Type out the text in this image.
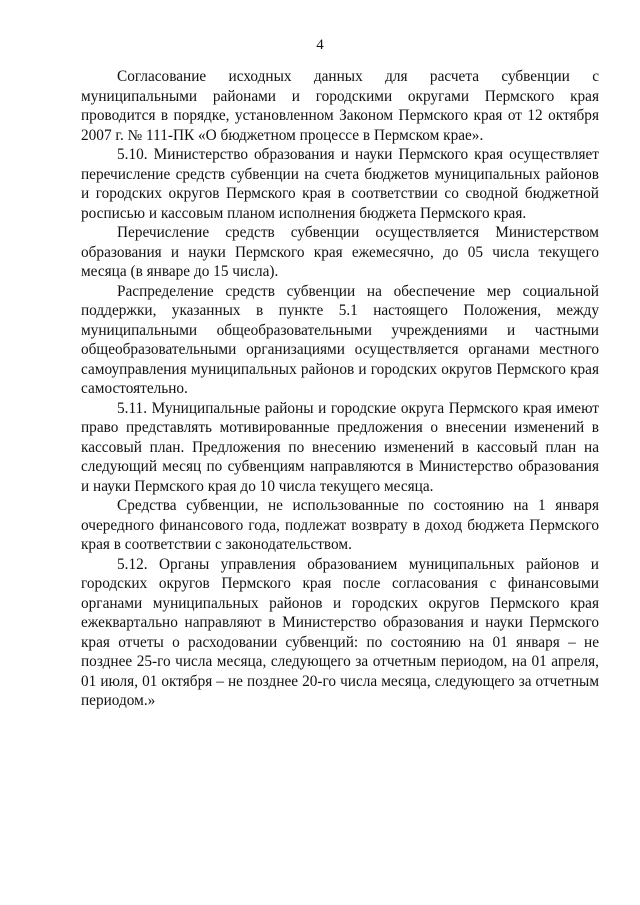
4

Согласование исходных данных для расчета субвенции с муниципальными районами и городскими округами Пермского края проводится в порядке, установленном Законом Пермского края от 12 октября 2007 г. № 111-ПК «О бюджетном процессе в Пермском крае».

5.10. Министерство образования и науки Пермского края осуществляет перечисление средств субвенции на счета бюджетов муниципальных районов и городских округов Пермского края в соответствии со сводной бюджетной росписью и кассовым планом исполнения бюджета Пермского края.

Перечисление средств субвенции осуществляется Министерством образования и науки Пермского края ежемесячно, до 05 числа текущего месяца (в январе до 15 числа).

Распределение средств субвенции на обеспечение мер социальной поддержки, указанных в пункте 5.1 настоящего Положения, между муниципальными общеобразовательными учреждениями и частными общеобразовательными организациями осуществляется органами местного самоуправления муниципальных районов и городских округов Пермского края самостоятельно.

5.11. Муниципальные районы и городские округа Пермского края имеют право представлять мотивированные предложения о внесении изменений в кассовый план. Предложения по внесению изменений в кассовый план на следующий месяц по субвенциям направляются в Министерство образования и науки Пермского края до 10 числа текущего месяца.

Средства субвенции, не использованные по состоянию на 1 января очередного финансового года, подлежат возврату в доход бюджета Пермского края в соответствии с законодательством.

5.12. Органы управления образованием муниципальных районов и городских округов Пермского края после согласования с финансовыми органами муниципальных районов и городских округов Пермского края ежеквартально направляют в Министерство образования и науки Пермского края отчеты о расходовании субвенций: по состоянию на 01 января – не позднее 25-го числа месяца, следующего за отчетным периодом, на 01 апреля, 01 июля, 01 октября – не позднее 20-го числа месяца, следующего за отчетным периодом.»
